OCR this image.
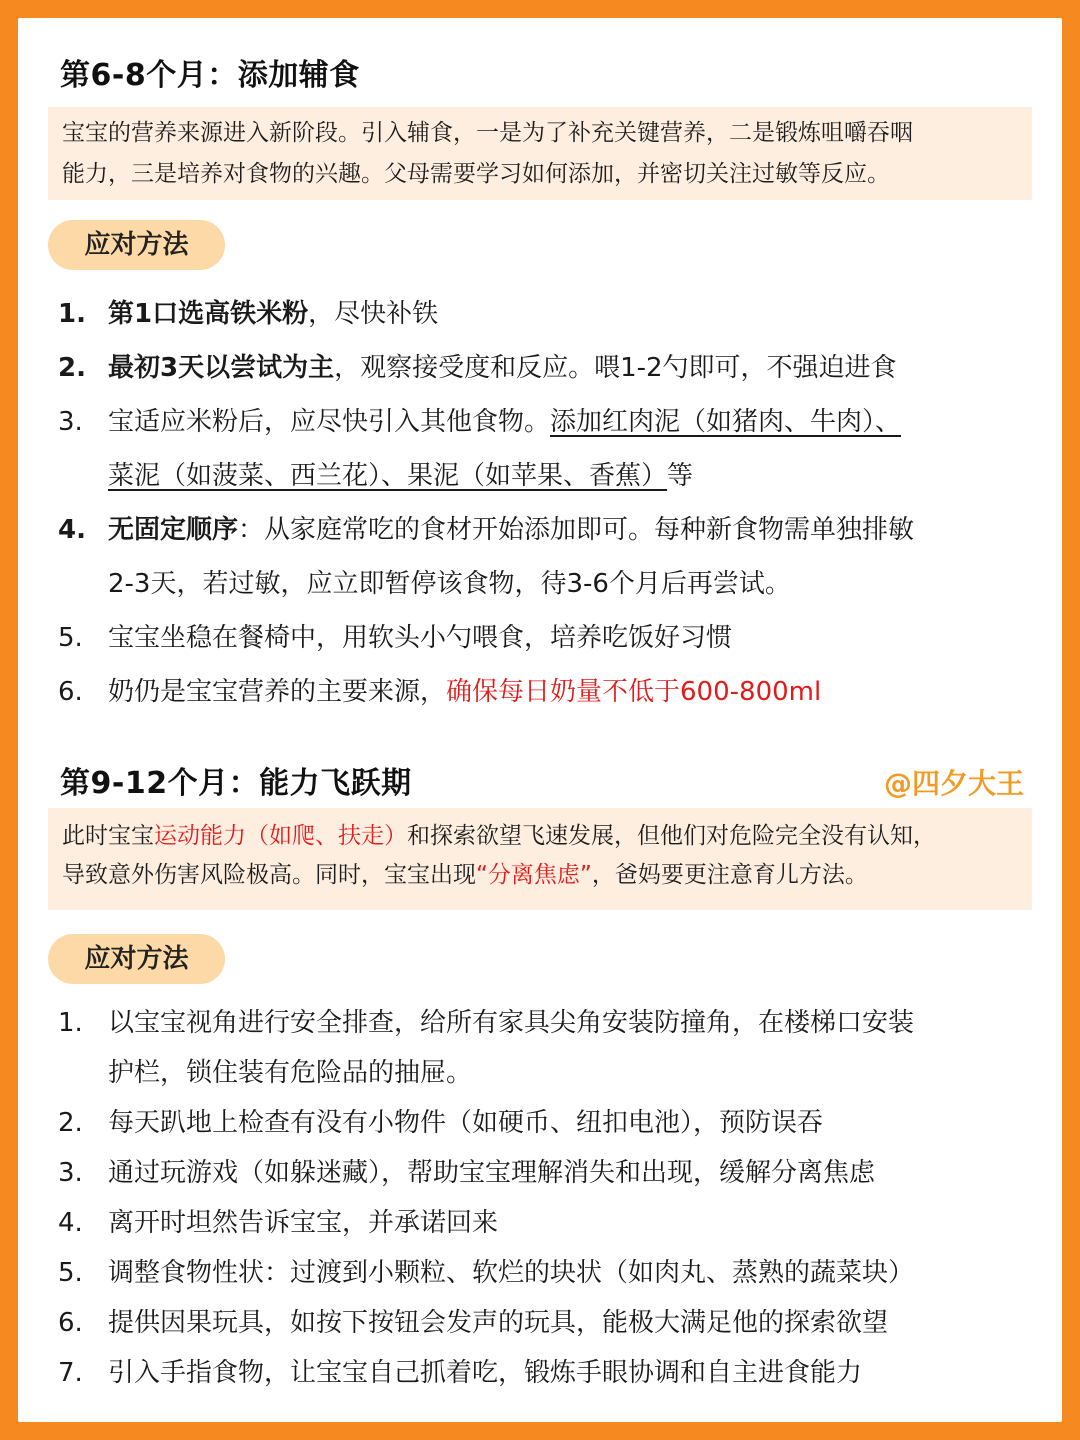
第6-8个月：添加辅食
宝宝的营养来源进入新阶段。引入辅食，一是为了补充关键营养，二是锻炼咀嚼吞咽
能力，三是培养对食物的兴趣。父母需要学习如何添加，并密切关注过敏等反应。
应对方法
1. 第1口选高铁米粉，尽快补铁
2. 最初3天以尝试为主，观察接受度和反应。喂1-2勺即可，不强迫进食
3. 宝适应米粉后，应尽快引入其他食物。添加红肉泥（如猪肉、牛肉）、
菜泥（如菠菜、西兰花）、果泥（如苹果、香蕉）等
4. 无固定顺序：从家庭常吃的食材开始添加即可。每种新食物需单独排敏
2-3天，若过敏，应立即暂停该食物，待3-6个月后再尝试。
5. 宝宝坐稳在餐椅中，用软头小勺喂食，培养吃饭好习惯
6. 奶仍是宝宝营养的主要来源，确保每日奶量不低于600-800ml
第9-12个月：能力飞跃期	@四夕大王
此时宝宝运动能力（如爬、扶走）和探索欲望飞速发展，但他们对危险完全没有认知，
导致意外伤害风险极高。同时，宝宝出现“分离焦虑”，爸妈要更注意育儿方法。
应对方法
1. 以宝宝视角进行安全排查，给所有家具尖角安装防撞角，在楼梯口安装
护栏，锁住装有危险品的抽屉。
2. 每天趴地上检查有没有小物件（如硬币、纽扣电池），预防误吞
3. 通过玩游戏（如躲迷藏），帮助宝宝理解消失和出现，缓解分离焦虑
4. 离开时坦然告诉宝宝，并承诺回来
5. 调整食物性状：过渡到小颗粒、软烂的块状（如肉丸、蒸熟的蔬菜块）
6. 提供因果玩具，如按下按钮会发声的玩具，能极大满足他的探索欲望
7. 引入手指食物，让宝宝自己抓着吃，锻炼手眼协调和自主进食能力
